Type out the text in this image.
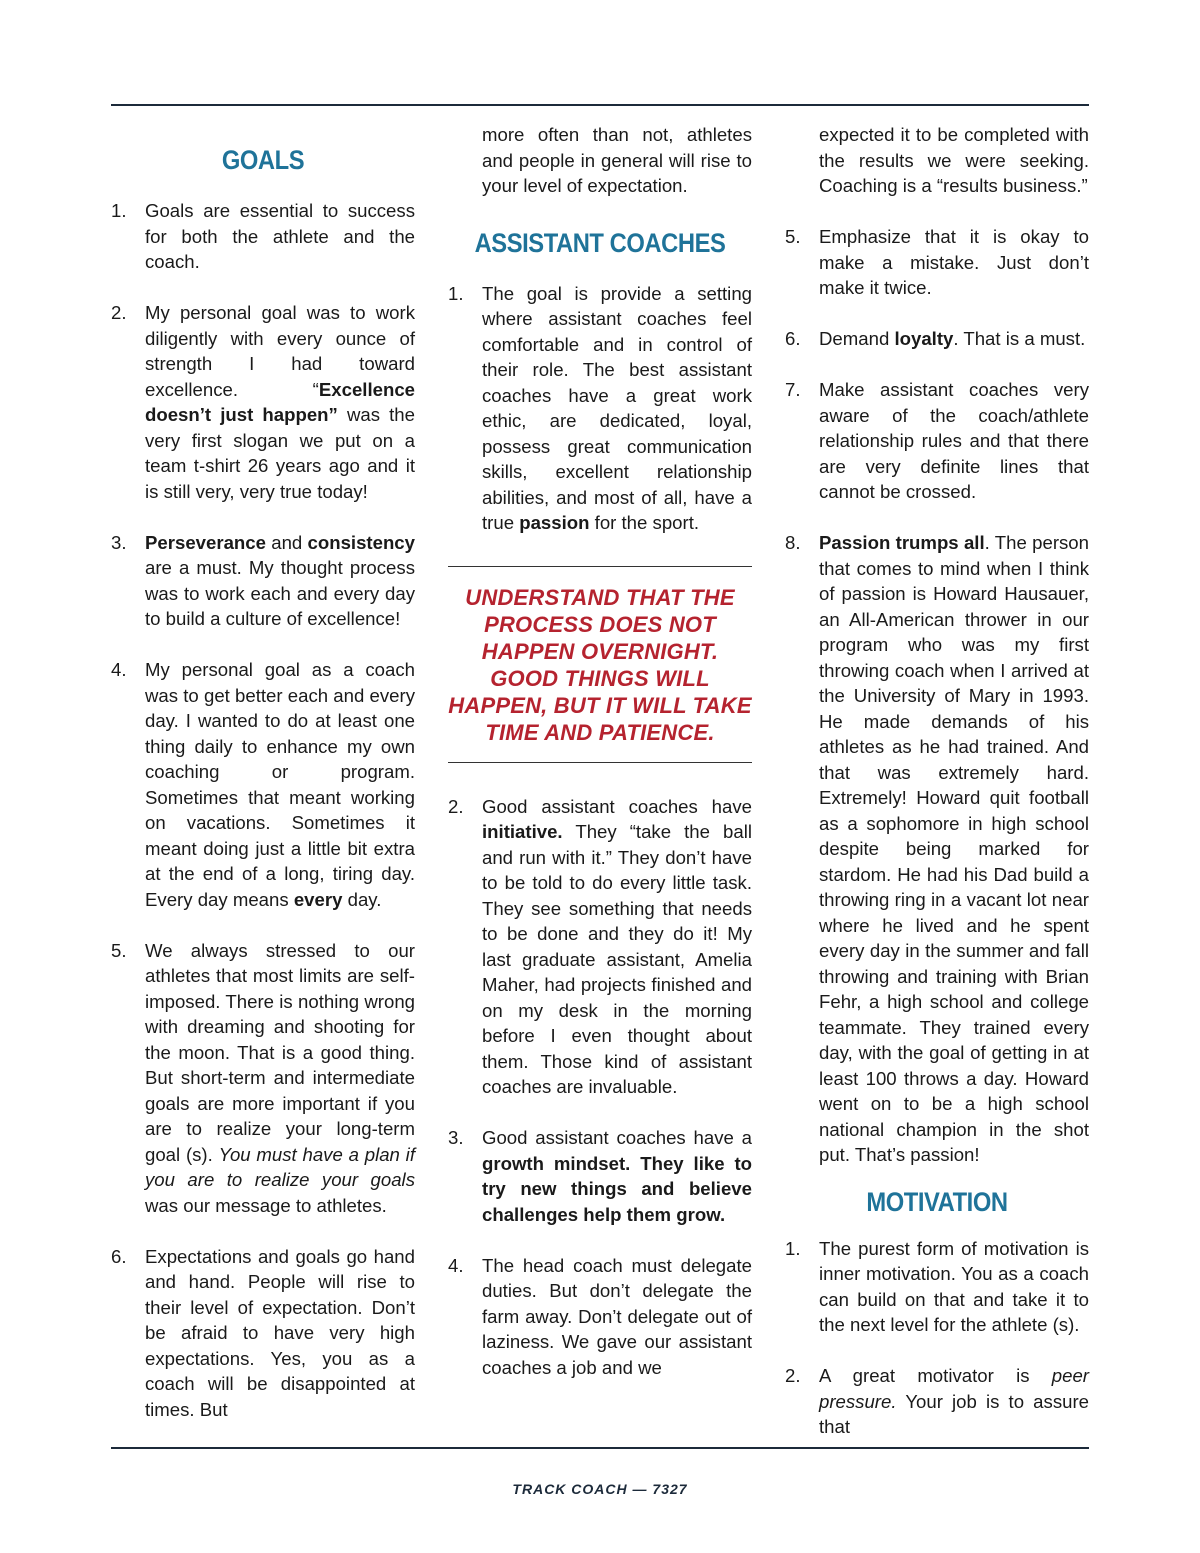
GOALS
1. Goals are essential to success for both the athlete and the coach.
2. My personal goal was to work diligently with every ounce of strength I had toward excellence. “Excellence doesn’t just happen” was the very first slogan we put on a team t-shirt 26 years ago and it is still very, very true today!
3. Perseverance and consistency are a must. My thought process was to work each and every day to build a culture of excellence!
4. My personal goal as a coach was to get better each and every day. I wanted to do at least one thing daily to enhance my own coaching or program. Sometimes that meant working on vacations. Sometimes it meant doing just a little bit extra at the end of a long, tiring day. Every day means every day.
5. We always stressed to our athletes that most limits are self-imposed. There is nothing wrong with dreaming and shooting for the moon. That is a good thing. But short-term and intermediate goals are more important if you are to realize your long-term goal (s). You must have a plan if you are to realize your goals was our message to athletes.
6. Expectations and goals go hand and hand. People will rise to their level of expectation. Don’t be afraid to have very high expectations. Yes, you as a coach will be disappointed at times. But
more often than not, athletes and people in general will rise to your level of expectation.
ASSISTANT COACHES
1. The goal is provide a setting where assistant coaches feel comfortable and in control of their role. The best assistant coaches have a great work ethic, are dedicated, loyal, possess great communication skills, excellent relationship abilities, and most of all, have a true passion for the sport.
UNDERSTAND THAT THE PROCESS DOES NOT HAPPEN OVERNIGHT. GOOD THINGS WILL HAPPEN, BUT IT WILL TAKE TIME AND PATIENCE.
2. Good assistant coaches have initiative. They “take the ball and run with it.” They don’t have to be told to do every little task. They see something that needs to be done and they do it! My last graduate assistant, Amelia Maher, had projects finished and on my desk in the morning before I even thought about them. Those kind of assistant coaches are invaluable.
3. Good assistant coaches have a growth mindset. They like to try new things and believe challenges help them grow.
4. The head coach must delegate duties. But don’t delegate the farm away. Don’t delegate out of laziness. We gave our assistant coaches a job and we
expected it to be completed with the results we were seeking. Coaching is a “results business.”
5. Emphasize that it is okay to make a mistake. Just don’t make it twice.
6. Demand loyalty. That is a must.
7. Make assistant coaches very aware of the coach/athlete relationship rules and that there are very definite lines that cannot be crossed.
8. Passion trumps all. The person that comes to mind when I think of passion is Howard Hausauer, an All-American thrower in our program who was my first throwing coach when I arrived at the University of Mary in 1993. He made demands of his athletes as he had trained. And that was extremely hard. Extremely! Howard quit football as a sophomore in high school despite being marked for stardom. He had his Dad build a throwing ring in a vacant lot near where he lived and he spent every day in the summer and fall throwing and training with Brian Fehr, a high school and college teammate. They trained every day, with the goal of getting in at least 100 throws a day. Howard went on to be a high school national champion in the shot put. That’s passion!
MOTIVATION
1. The purest form of motivation is inner motivation. You as a coach can build on that and take it to the next level for the athlete (s).
2. A great motivator is peer pressure. Your job is to assure that
TRACK COACH — 7327
